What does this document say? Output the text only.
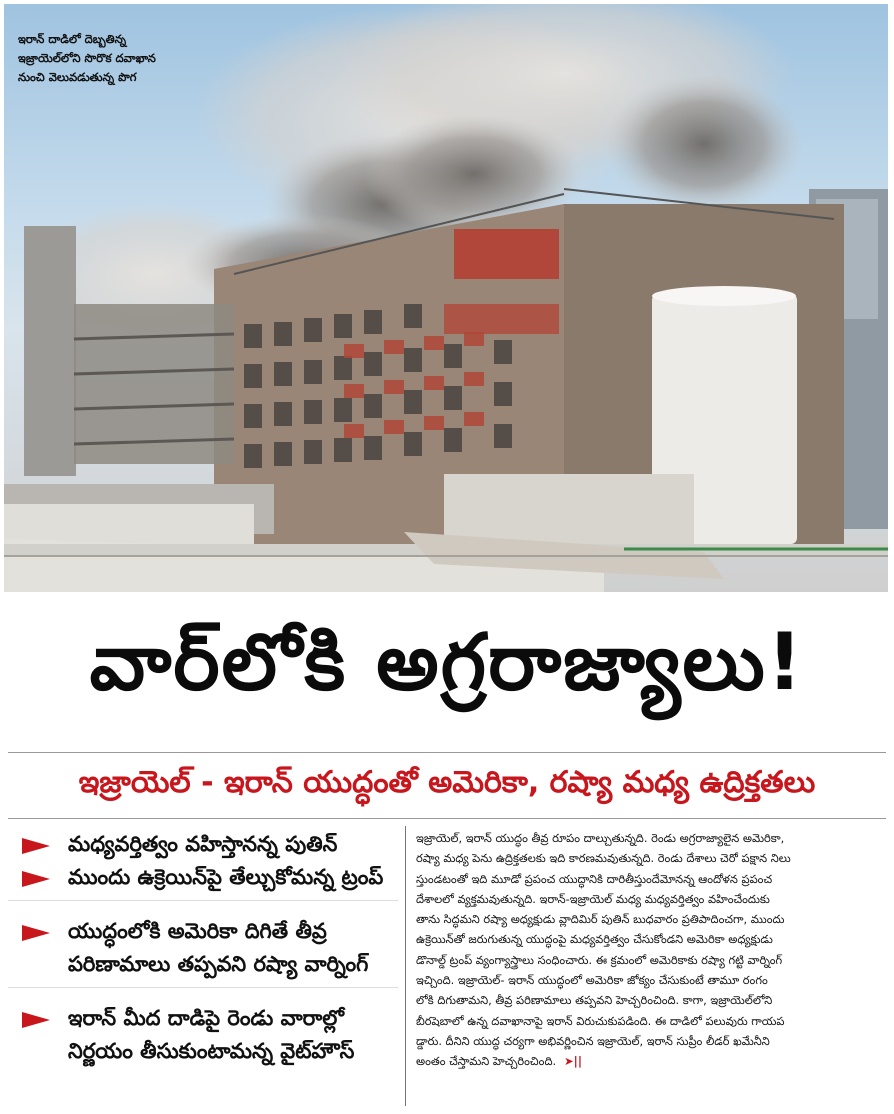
ఇరాన్ దాడిలో దెబ్బతిన్న
ఇజ్రాయెల్‌లోని సొరొక దవాఖాన
నుంచి వెలువడుతున్న పొగ
వార్‌లోకి అగ్రరాజ్యాలు!
ఇజ్రాయెల్ - ఇరాన్ యుద్ధంతో అమెరికా, రష్యా మధ్య ఉద్రిక్తతలు
మధ్యవర్తిత్వం వహిస్తానన్న పుతిన్
ముందు ఉక్రెయిన్‌పై తేల్చుకోమన్న ట్రంప్
యుద్ధంలోకి అమెరికా దిగితే తీవ్ర
పరిణామాలు తప్పవని రష్యా వార్నింగ్
ఇరాన్ మీద దాడిపై రెండు వారాల్లో
నిర్ణయం తీసుకుంటామన్న వైట్‌హౌస్
ఇజ్రాయెల్, ఇరాన్ యుద్ధం తీవ్ర రూపం దాల్చుతున్నది. రెండు అగ్రరాజ్యాలైన అమెరికా,
రష్యా మధ్య పెను ఉద్రిక్తతలకు ఇది కారణమవుతున్నది. రెండు దేశాలు చెరో పక్షాన నిలు
స్తుండటంతో ఇది మూడో ప్రపంచ యుద్ధానికి దారితీస్తుందేమోనన్న ఆందోళన ప్రపంచ
దేశాలలో వ్యక్తమవుతున్నది. ఇరాన్-ఇజ్రాయెల్ మధ్య మధ్యవర్తిత్వం వహించేందుకు
తాను సిద్ధమని రష్యా అధ్యక్షుడు వ్లాదిమిర్ పుతిన్ బుధవారం ప్రతిపాదించగా, ముందు
ఉక్రెయిన్‌తో జరుగుతున్న యుద్ధంపై మధ్యవర్తిత్వం చేసుకోండని అమెరికా అధ్యక్షుడు
డొనాల్డ్ ట్రంప్ వ్యంగ్యాస్త్రాలు సంధించారు. ఈ క్రమంలో అమెరికాకు రష్యా గట్టి వార్నింగ్
ఇచ్చింది. ఇజ్రాయెల్- ఇరాన్ యుద్ధంలో అమెరికా జోక్యం చేసుకుంటే తామూ రంగం
లోకి దిగుతామని, తీవ్ర పరిణామాలు తప్పవని హెచ్చరించింది. కాగా, ఇజ్రాయెల్‌లోని
బీరషెబాలో ఉన్న దవాఖానాపై ఇరాన్ విరుచుకుపడింది. ఈ దాడిలో పలువురు గాయప
డ్డారు. దీనిని యుద్ధ చర్యగా అభివర్ణించిన ఇజ్రాయెల్, ఇరాన్ సుప్రీం లీడర్ ఖమేనీని
అంతం చేస్తామని హెచ్చరించింది. ➤||
